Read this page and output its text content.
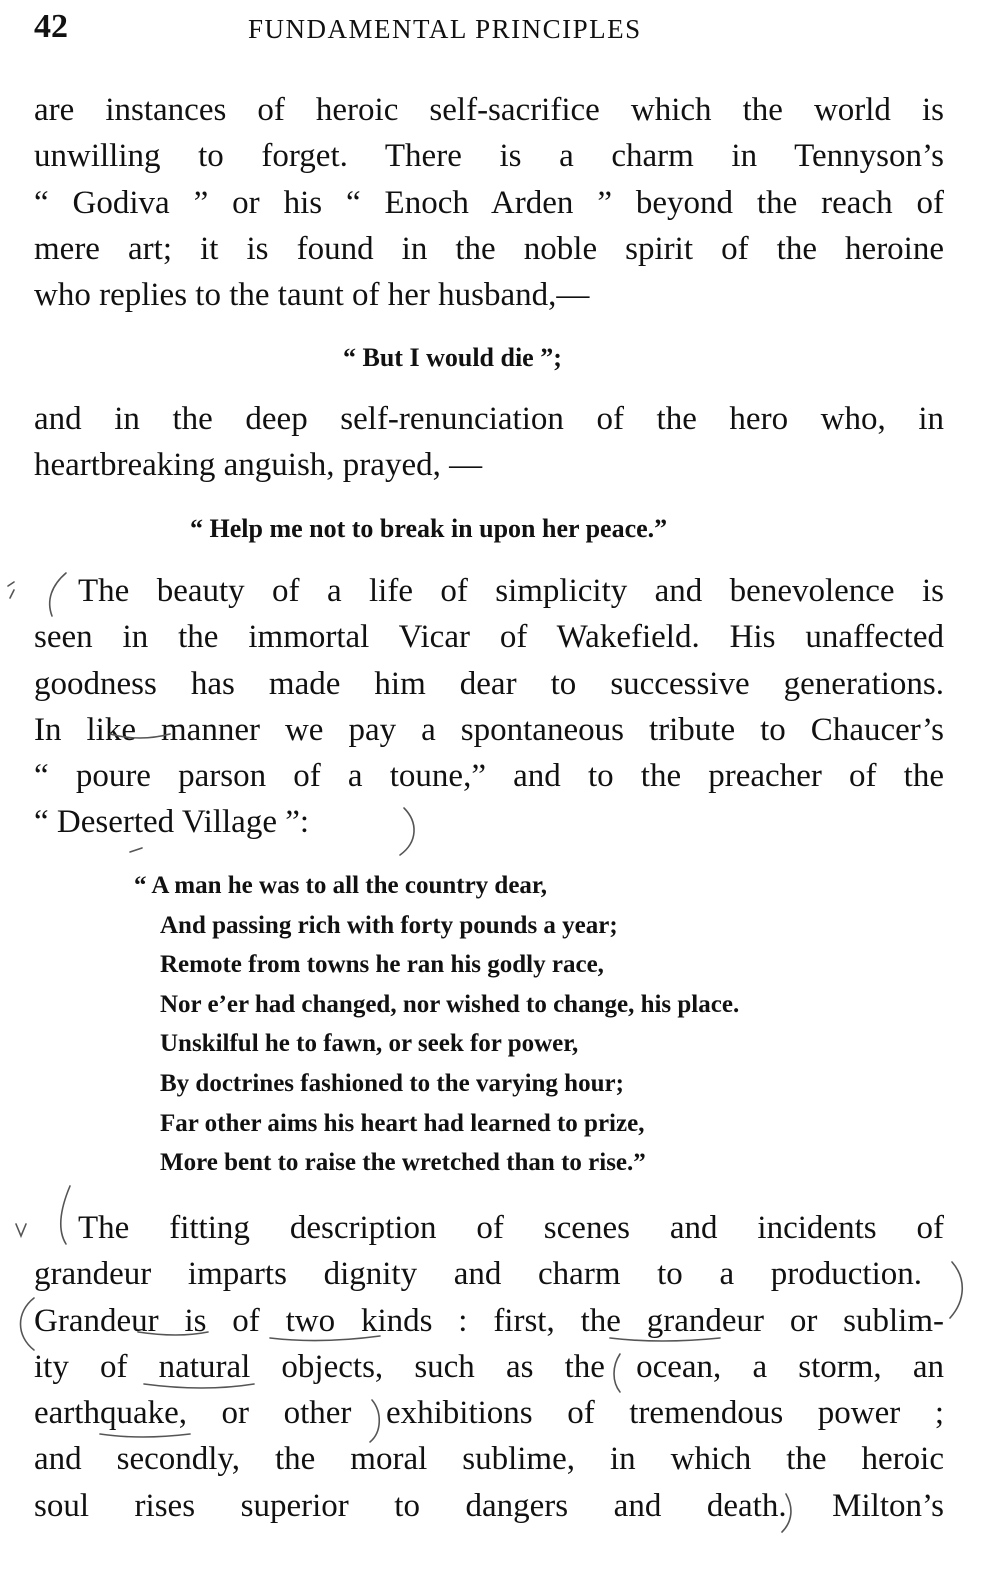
42	FUNDAMENTAL PRINCIPLES
are instances of heroic self-sacrifice which the world is
unwilling to forget. There is a charm in Tennyson’s
“ Godiva ” or his “ Enoch Arden ” beyond the reach of
mere art; it is found in the noble spirit of the heroine
who replies to the taunt of her husband,—
“ But I would die ”;
and in the deep self-renunciation of the hero who, in
heartbreaking anguish, prayed, —
“ Help me not to break in upon her peace.”
The beauty of a life of simplicity and benevolence is
seen in the immortal Vicar of Wakefield. His unaffected
goodness has made him dear to successive generations.
In like manner we pay a spontaneous tribute to Chaucer’s
“ poure parson of a toune,” and to the preacher of the
“ Deserted Village ”:
“ A man he was to all the country dear,
And passing rich with forty pounds a year;
Remote from towns he ran his godly race,
Nor e’er had changed, nor wished to change, his place.
Unskilful he to fawn, or seek for power,
By doctrines fashioned to the varying hour;
Far other aims his heart had learned to prize,
More bent to raise the wretched than to rise.”
The fitting description of scenes and incidents of
grandeur imparts dignity and charm to a production.
Grandeur is of two kinds : first, the grandeur or sublim-
ity of natural objects, such as the ocean, a storm, an
earthquake, or other exhibitions of tremendous power ;
and secondly, the moral sublime, in which the heroic
soul rises superior to dangers and death. Milton’s
